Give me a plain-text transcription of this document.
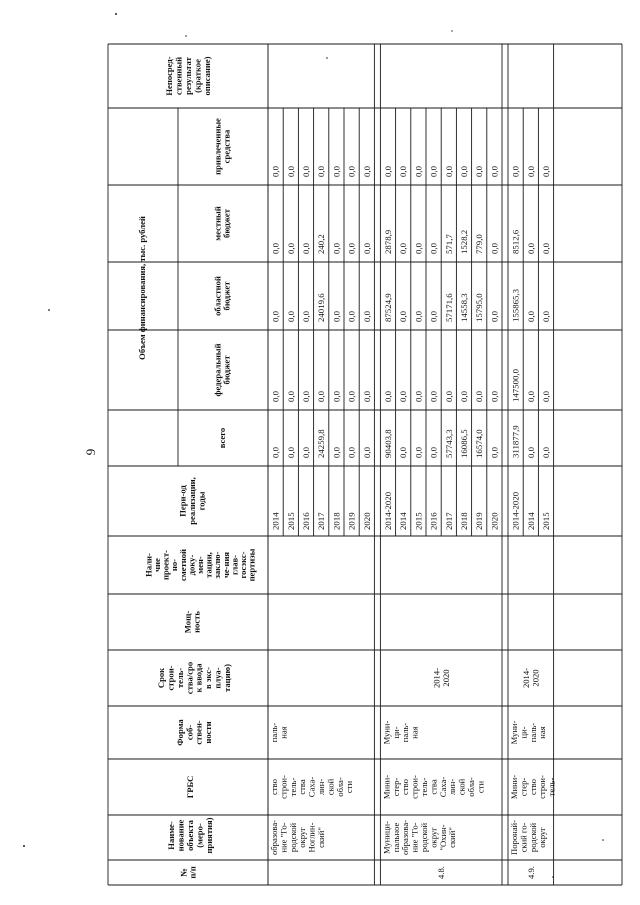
№ п/п
Наиме- нование объекта (меро- приятия)
ГРБС
Форма соб- ствен- ности
Срок строи- тель- ства/сро к ввода в экс- плуа- тацию)
Мощ- ность
Нали-
чие
проект-
но-
сметной
доку-
мен-
тации,
заклю-
че-ния
глав-
госэкс-
пертизы
Пери-од реализации, годы
Объем финансирования, тыс. рублей
всего
федеральный бюджет
областной бюджет
местный бюджет
привлеченные средства
Непосред- ственный результат (краткое описание)
2014
0,0
0,0
0,0
0,0
0,0
2015
0,0
0,0
0,0
0,0
0,0
2016
0,0
0,0
0,0
0,0
0,0
2017
24259,8
0,0
24019,6
240,2
0,0
2018
0,0
0,0
0,0
0,0
0,0
2019
0,0
0,0
0,0
0,0
0,0
2020
0,0
0,0
0,0
0,0
0,0
образова- ние "Го- родской округ Ноглин- ский"
ство строи- тель- ства Саха- лин- ской обла- сти
паль- ная
2014-2020
90403,8
0,0
87524,9
2878,9
0,0
2014
0,0
0,0
0,0
0,0
0,0
2015
0,0
0,0
0,0
0,0
0,0
2016
0,0
0,0
0,0
0,0
0,0
2017
57743,3
0,0
57171,6
571,7
0,0
2018
16086,5
0,0
14558,3
1528,2
0,0
2019
16574,0
0,0
15795,0
779,0
0,0
2020
0,0
0,0
0,0
0,0
0,0
4.8.
Муници- пальное образова- ние "Го- родской округ "Охин- ский"
Мини- стер- ство строи- тель- ства Саха- лин- ской обла- сти
Муни- ци- паль- ная
2014- 2020
2014-2020
311877,9
147500,0
155865,3
8512,6
0,0
2014
0,0
0,0
0,0
0,0
0,0
2015
0,0
0,0
0,0
0,0
0,0
4.9.
Поронай- ский го- родской округ
Мини- стер- ство строи- тель-
Муни- ци- паль- ная
2014- 2020
9
